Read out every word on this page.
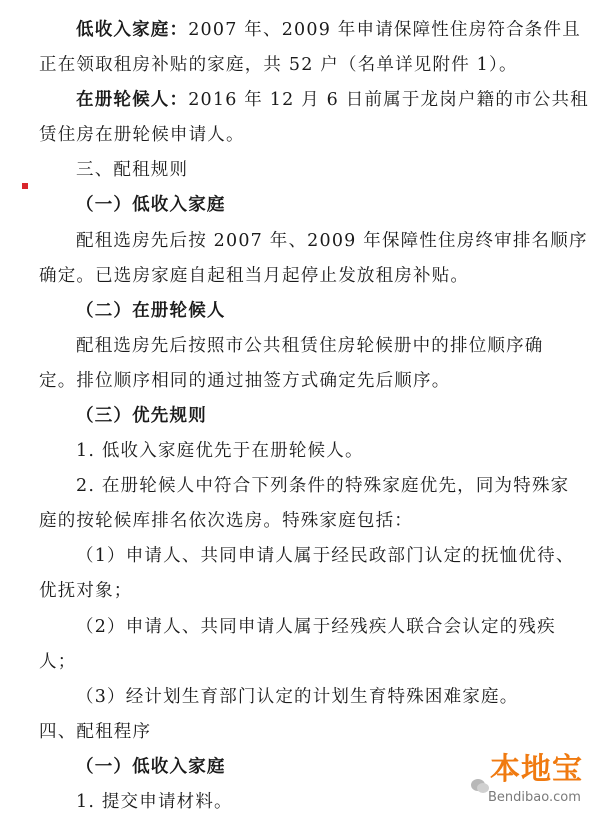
低收入家庭：2007 年、2009 年申请保障性住房符合条件且
正在领取租房补贴的家庭，共 52 户（名单详见附件 1）。
在册轮候人：2016 年 12 月 6 日前属于龙岗户籍的市公共租
赁住房在册轮候申请人。
三、配租规则
（一）低收入家庭
配租选房先后按 2007 年、2009 年保障性住房终审排名顺序
确定。已选房家庭自起租当月起停止发放租房补贴。
（二）在册轮候人
配租选房先后按照市公共租赁住房轮候册中的排位顺序确
定。排位顺序相同的通过抽签方式确定先后顺序。
（三）优先规则
1. 低收入家庭优先于在册轮候人。
2. 在册轮候人中符合下列条件的特殊家庭优先，同为特殊家
庭的按轮候库排名依次选房。特殊家庭包括：
（1）申请人、共同申请人属于经民政部门认定的抚恤优待、
优抚对象；
（2）申请人、共同申请人属于经残疾人联合会认定的残疾
人；
（3）经计划生育部门认定的计划生育特殊困难家庭。
四、配租程序
（一）低收入家庭
1. 提交申请材料。
本地宝
Bendibao.com
